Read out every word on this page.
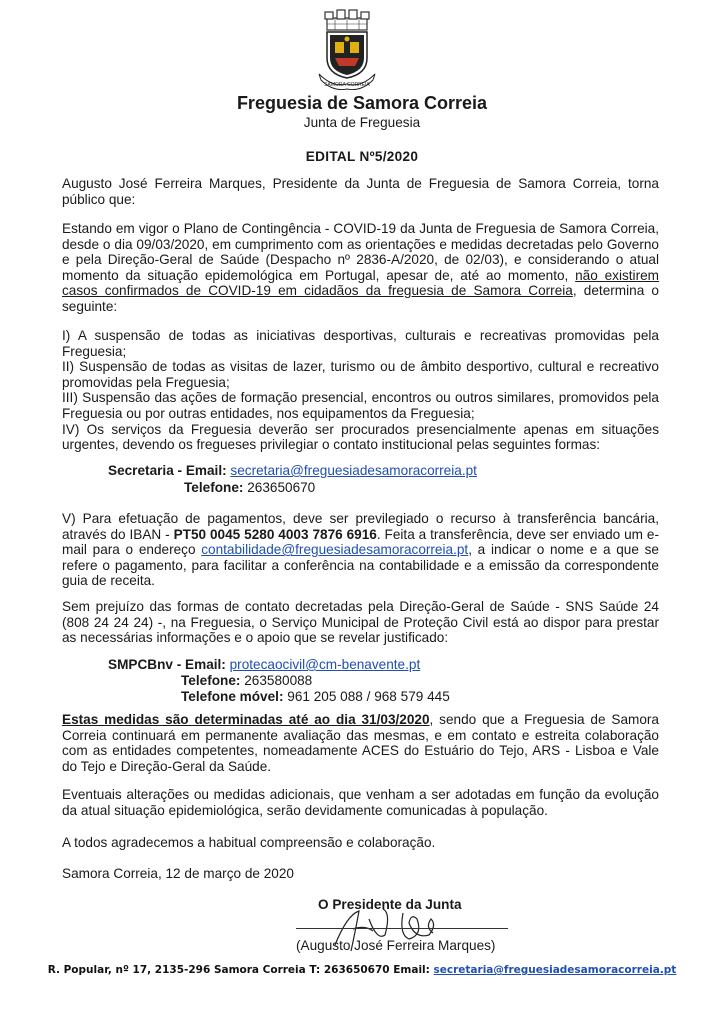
SAMORA CORREIA
Freguesia de Samora Correia
Junta de Freguesia
EDITAL Nº5/2020
Augusto José Ferreira Marques, Presidente da Junta de Freguesia de Samora Correia, torna público que:
Estando em vigor o Plano de Contingência - COVID-19 da Junta de Freguesia de Samora Correia, desde o dia 09/03/2020, em cumprimento com as orientações e medidas decretadas pelo Governo e pela Direção-Geral de Saúde (Despacho nº 2836-A/2020, de 02/03), e considerando o atual momento da situação epidemológica em Portugal, apesar de, até ao momento, não existirem casos confirmados de COVID-19 em cidadãos da freguesia de Samora Correia, determina o seguinte:
I) A suspensão de todas as iniciativas desportivas, culturais e recreativas promovidas pela Freguesia;
II) Suspensão de todas as visitas de lazer, turismo ou de âmbito desportivo, cultural e recreativo promovidas pela Freguesia;
III) Suspensão das ações de formação presencial, encontros ou outros similares, promovidos pela Freguesia ou por outras entidades, nos equipamentos da Freguesia;
IV) Os serviços da Freguesia deverão ser procurados presencialmente apenas em situações urgentes, devendo os fregueses privilegiar o contato institucional pelas seguintes formas:
Secretaria - Email: secretaria@freguesiadesamoracorreia.pt
Telefone: 263650670
V) Para efetuação de pagamentos, deve ser previlegiado o recurso à transferência bancária, através do IBAN - PT50 0045 5280 4003 7876 6916. Feita a transferência, deve ser enviado um e-mail para o endereço contabilidade@freguesiadesamoracorreia.pt, a indicar o nome e a que se refere o pagamento, para facilitar a conferência na contabilidade e a emissão da correspondente guia de receita.
Sem prejuízo das formas de contato decretadas pela Direção-Geral de Saúde - SNS Saúde 24 (808 24 24 24) -, na Freguesia, o Serviço Municipal de Proteção Civil está ao dispor para prestar as necessárias informações e o apoio que se revelar justificado:
SMPCBnv - Email: protecaocivil@cm-benavente.pt
Telefone: 263580088
Telefone móvel: 961 205 088 / 968 579 445
Estas medidas são determinadas até ao dia 31/03/2020, sendo que a Freguesia de Samora Correia continuará em permanente avaliação das mesmas, e em contato e estreita colaboração com as entidades competentes, nomeadamente ACES do Estuário do Tejo, ARS - Lisboa e Vale do Tejo e Direção-Geral da Saúde.
Eventuais alterações ou medidas adicionais, que venham a ser adotadas em função da evolução da atual situação epidemiológica, serão devidamente comunicadas à população.
A todos agradecemos a habitual compreensão e colaboração.
Samora Correia, 12 de março de 2020
O Presidente da Junta
(Augusto José Ferreira Marques)
R. Popular, nº 17, 2135-296 Samora Correia T: 263650670 Email: secretaria@freguesiadesamoracorreia.pt
